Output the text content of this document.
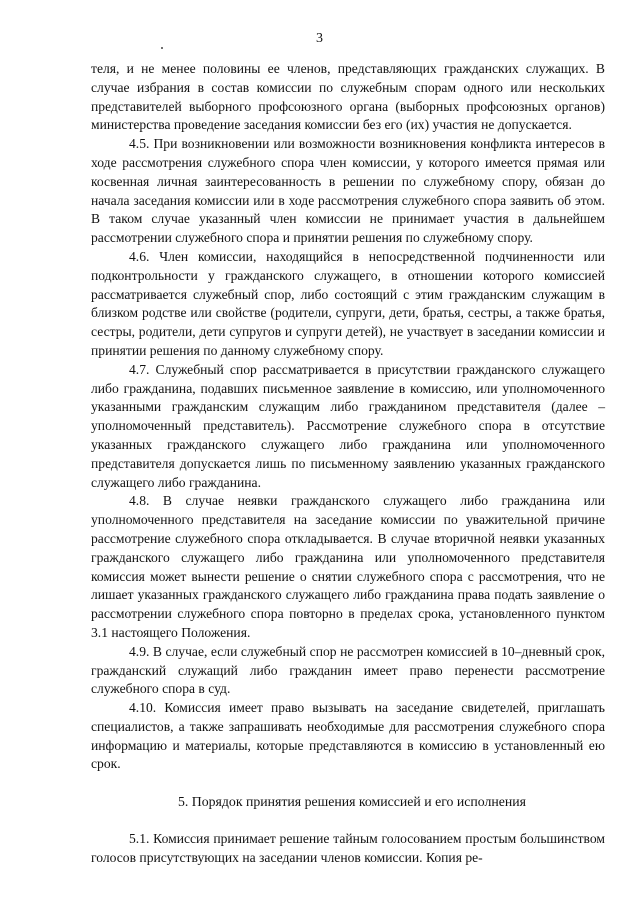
3

теля, и не менее половины ее членов, представляющих гражданских служащих. В случае избрания в состав комиссии по служебным спорам одного или нескольких представителей выборного профсоюзного органа (выборных профсоюзных органов) министерства проведение заседания комиссии без его (их) участия не допускается.

4.5. При возникновении или возможности возникновения конфликта интересов в ходе рассмотрения служебного спора член комиссии, у которого имеется прямая или косвенная личная заинтересованность в решении по служебному спору, обязан до начала заседания комиссии или в ходе рассмотрения служебного спора заявить об этом. В таком случае указанный член комиссии не принимает участия в дальнейшем рассмотрении служебного спора и принятии решения по служебному спору.

4.6. Член комиссии, находящийся в непосредственной подчиненности или подконтрольности у гражданского служащего, в отношении которого комиссией рассматривается служебный спор, либо состоящий с этим гражданским служащим в близком родстве или свойстве (родители, супруги, дети, братья, сестры, а также братья, сестры, родители, дети супругов и супруги детей), не участвует в заседании комиссии и принятии решения по данному служебному спору.

4.7. Служебный спор рассматривается в присутствии гражданского служащего либо гражданина, подавших письменное заявление в комиссию, или уполномоченного указанными гражданским служащим либо гражданином представителя (далее – уполномоченный представитель). Рассмотрение служебного спора в отсутствие указанных гражданского служащего либо гражданина или уполномоченного представителя допускается лишь по письменному заявлению указанных гражданского служащего либо гражданина.

4.8. В случае неявки гражданского служащего либо гражданина или уполномоченного представителя на заседание комиссии по уважительной причине рассмотрение служебного спора откладывается. В случае вторичной неявки указанных гражданского служащего либо гражданина или уполномоченного представителя комиссия может вынести решение о снятии служебного спора с рассмотрения, что не лишает указанных гражданского служащего либо гражданина права подать заявление о рассмотрении служебного спора повторно в пределах срока, установленного пунктом 3.1 настоящего Положения.

4.9. В случае, если служебный спор не рассмотрен комиссией в 10–дневный срок, гражданский служащий либо гражданин имеет право перенести рассмотрение служебного спора в суд.

4.10. Комиссия имеет право вызывать на заседание свидетелей, приглашать специалистов, а также запрашивать необходимые для рассмотрения служебного спора информацию и материалы, которые представляются в комиссию в установленный ею срок.

5. Порядок принятия решения комиссией и его исполнения

5.1. Комиссия принимает решение тайным голосованием простым большинством голосов присутствующих на заседании членов комиссии. Копия ре-
